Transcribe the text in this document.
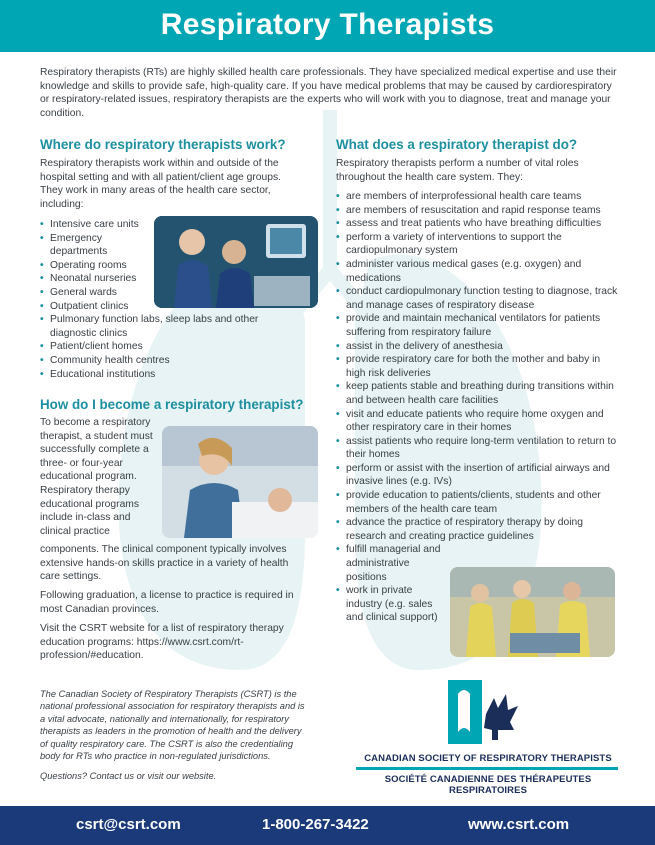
Respiratory Therapists

Respiratory therapists (RTs) are highly skilled health care professionals. They have specialized medical expertise and use their knowledge and skills to provide safe, high-quality care. If you have medical problems that may be caused by cardiorespiratory or respiratory-related issues, respiratory therapists are the experts who will work with you to diagnose, treat and manage your condition.

Where do respiratory therapists work?

Respiratory therapists work within and outside of the hospital setting and with all patient/client age groups. They work in many areas of the health care sector, including:

• Intensive care units
• Emergency departments
• Operating rooms
• Neonatal nurseries
• General wards
• Outpatient clinics
• Pulmonary function labs, sleep labs and other diagnostic clinics
• Patient/client homes
• Community health centres
• Educational institutions
How do I become a respiratory therapist?

To become a respiratory therapist, a student must successfully complete a three- or four-year educational program. Respiratory therapy educational programs include in-class and clinical practice

components. The clinical component typically involves extensive hands-on skills practice in a variety of health care settings.

Following graduation, a license to practice is required in most Canadian provinces.

Visit the CSRT website for a list of respiratory therapy education programs: https://www.csrt.com/rt-profession/#education.

What does a respiratory therapist do?

Respiratory therapists perform a number of vital roles throughout the health care system. They:

• are members of interprofessional health care teams
• are members of resuscitation and rapid response teams
• assess and treat patients who have breathing difficulties
• perform a variety of interventions to support the cardiopulmonary system
• administer various medical gases (e.g. oxygen) and medications
• conduct cardiopulmonary function testing to diagnose, track and manage cases of respiratory disease
• provide and maintain mechanical ventilators for patients suffering from respiratory failure
• assist in the delivery of anesthesia
• provide respiratory care for both the mother and baby in high risk deliveries
• keep patients stable and breathing during transitions within and between health care facilities
• visit and educate patients who require home oxygen and other respiratory care in their homes
• assist patients who require long-term ventilation to return to their homes
• perform or assist with the insertion of artificial airways and invasive lines (e.g. IVs)
• provide education to patients/clients, students and other members of the health care team
• advance the practice of respiratory therapy by doing research and creating practice guidelines
• fulfill managerial and administrative positions
• work in private industry (e.g. sales and clinical support)

The Canadian Society of Respiratory Therapists (CSRT) is the national professional association for respiratory therapists and is a vital advocate, nationally and internationally, for respiratory therapists as leaders in the promotion of health and the delivery of quality respiratory care. The CSRT is also the credentialing body for RTs who practice in non-regulated jurisdictions.

Questions? Contact us or visit our website.

CANADIAN SOCIETY OF RESPIRATORY THERAPISTS
SOCIÉTÉ CANADIENNE DES THÉRAPEUTES RESPIRATOIRES
csrt@csrt.com	1-800-267-3422	www.csrt.com
